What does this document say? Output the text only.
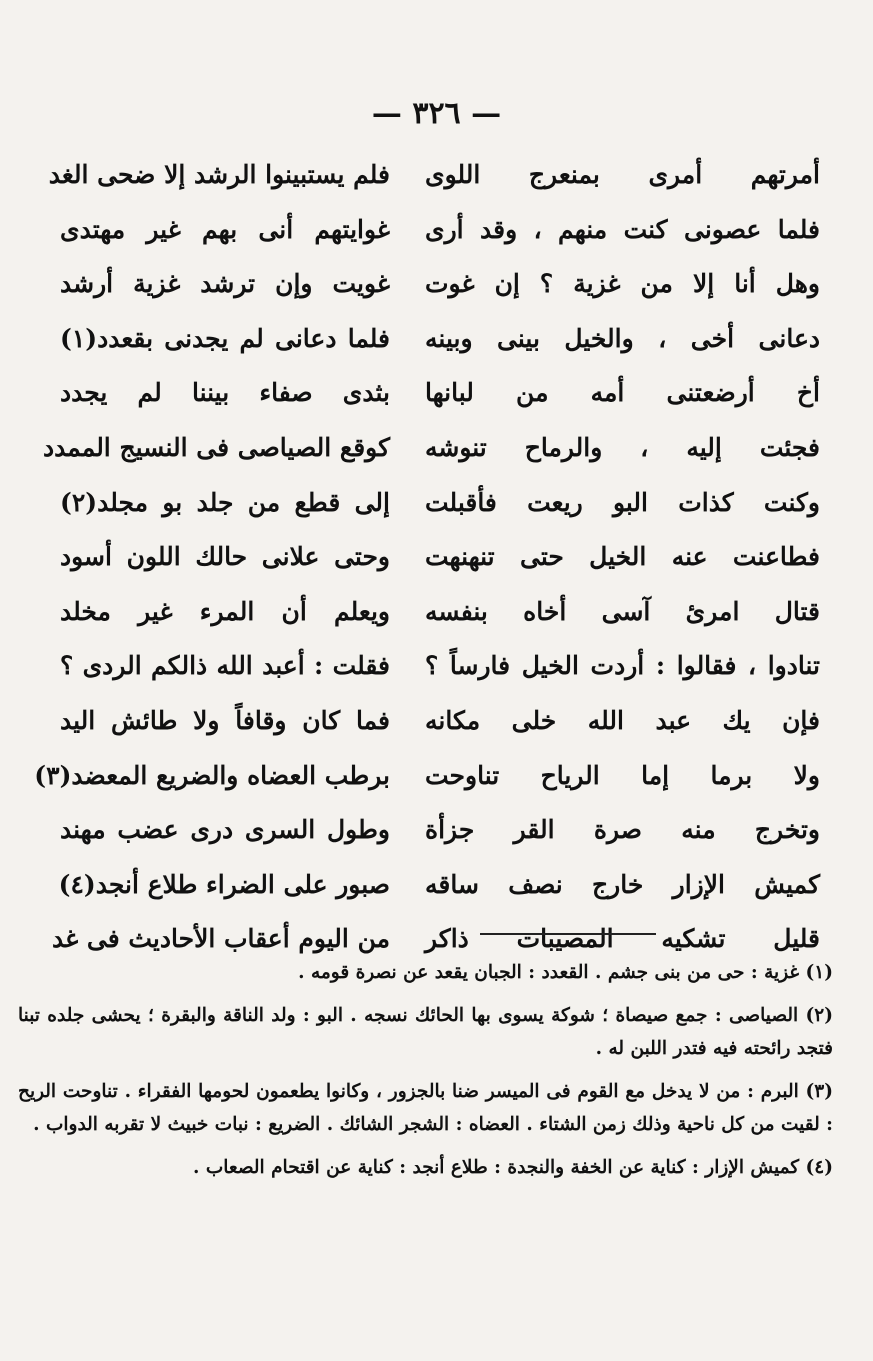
— ٣٢٦ —
أمرتهم أمرى بمنعرج اللوى
فلم يستبينوا الرشد إلا ضحى الغد
فلما عصونى كنت منهم ، وقد أرى
غوايتهم أنى بهم غير مهتدى
وهل أنا إلا من غزية ؟ إن غوت
غويت وإن ترشد غزية أرشد
دعانى أخى ، والخيل بينى وبينه
فلما دعانى لم يجدنى بقعدد(١)
أخ أرضعتنى أمه من لبانها
بثدى صفاء بيننا لم يجدد
فجئت إليه ، والرماح تنوشه
كوقع الصياصى فى النسيج الممدد
وكنت كذات البو ريعت فأقبلت
إلى قطع من جلد بو مجلد(٢)
فطاعنت عنه الخيل حتى تنهنهت
وحتى علانى حالك اللون أسود
قتال امرئ آسى أخاه بنفسه
ويعلم أن المرء غير مخلد
تنادوا ، فقالوا : أردت الخيل فارساً ؟
فقلت : أعبد الله ذالكم الردى ؟
فإن يك عبد الله خلى مكانه
فما كان وقافاً ولا طائش اليد
ولا برما إما الرياح تناوحت
برطب العضاه والضريع المعضد(٣)
وتخرج منه صرة القر جزأة
وطول السرى درى عضب مهند
كميش الإزار خارج نصف ساقه
صبور على الضراء طلاع أنجد(٤)
قليل تشكيه المصيبات ذاكر
من اليوم أعقاب الأحاديث فى غد
(١) غزية : حى من بنى جشم . القعدد : الجبان يقعد عن نصرة قومه .
(٢) الصياصى : جمع صيصاة ؛ شوكة يسوى بها الحائك نسجه . البو : ولد الناقة والبقرة ؛ يحشى جلده تبنا فتجد رائحته فيه فتدر اللبن له .
(٣) البرم : من لا يدخل مع القوم فى الميسر ضنا بالجزور ، وكانوا يطعمون لحومها الفقراء . تناوحت الريح : لقيت من كل ناحية وذلك زمن الشتاء . العضاه : الشجر الشائك . الضريع : نبات خبيث لا تقربه الدواب .
(٤) كميش الإزار : كناية عن الخفة والنجدة : طلاع أنجد : كناية عن اقتحام الصعاب .
